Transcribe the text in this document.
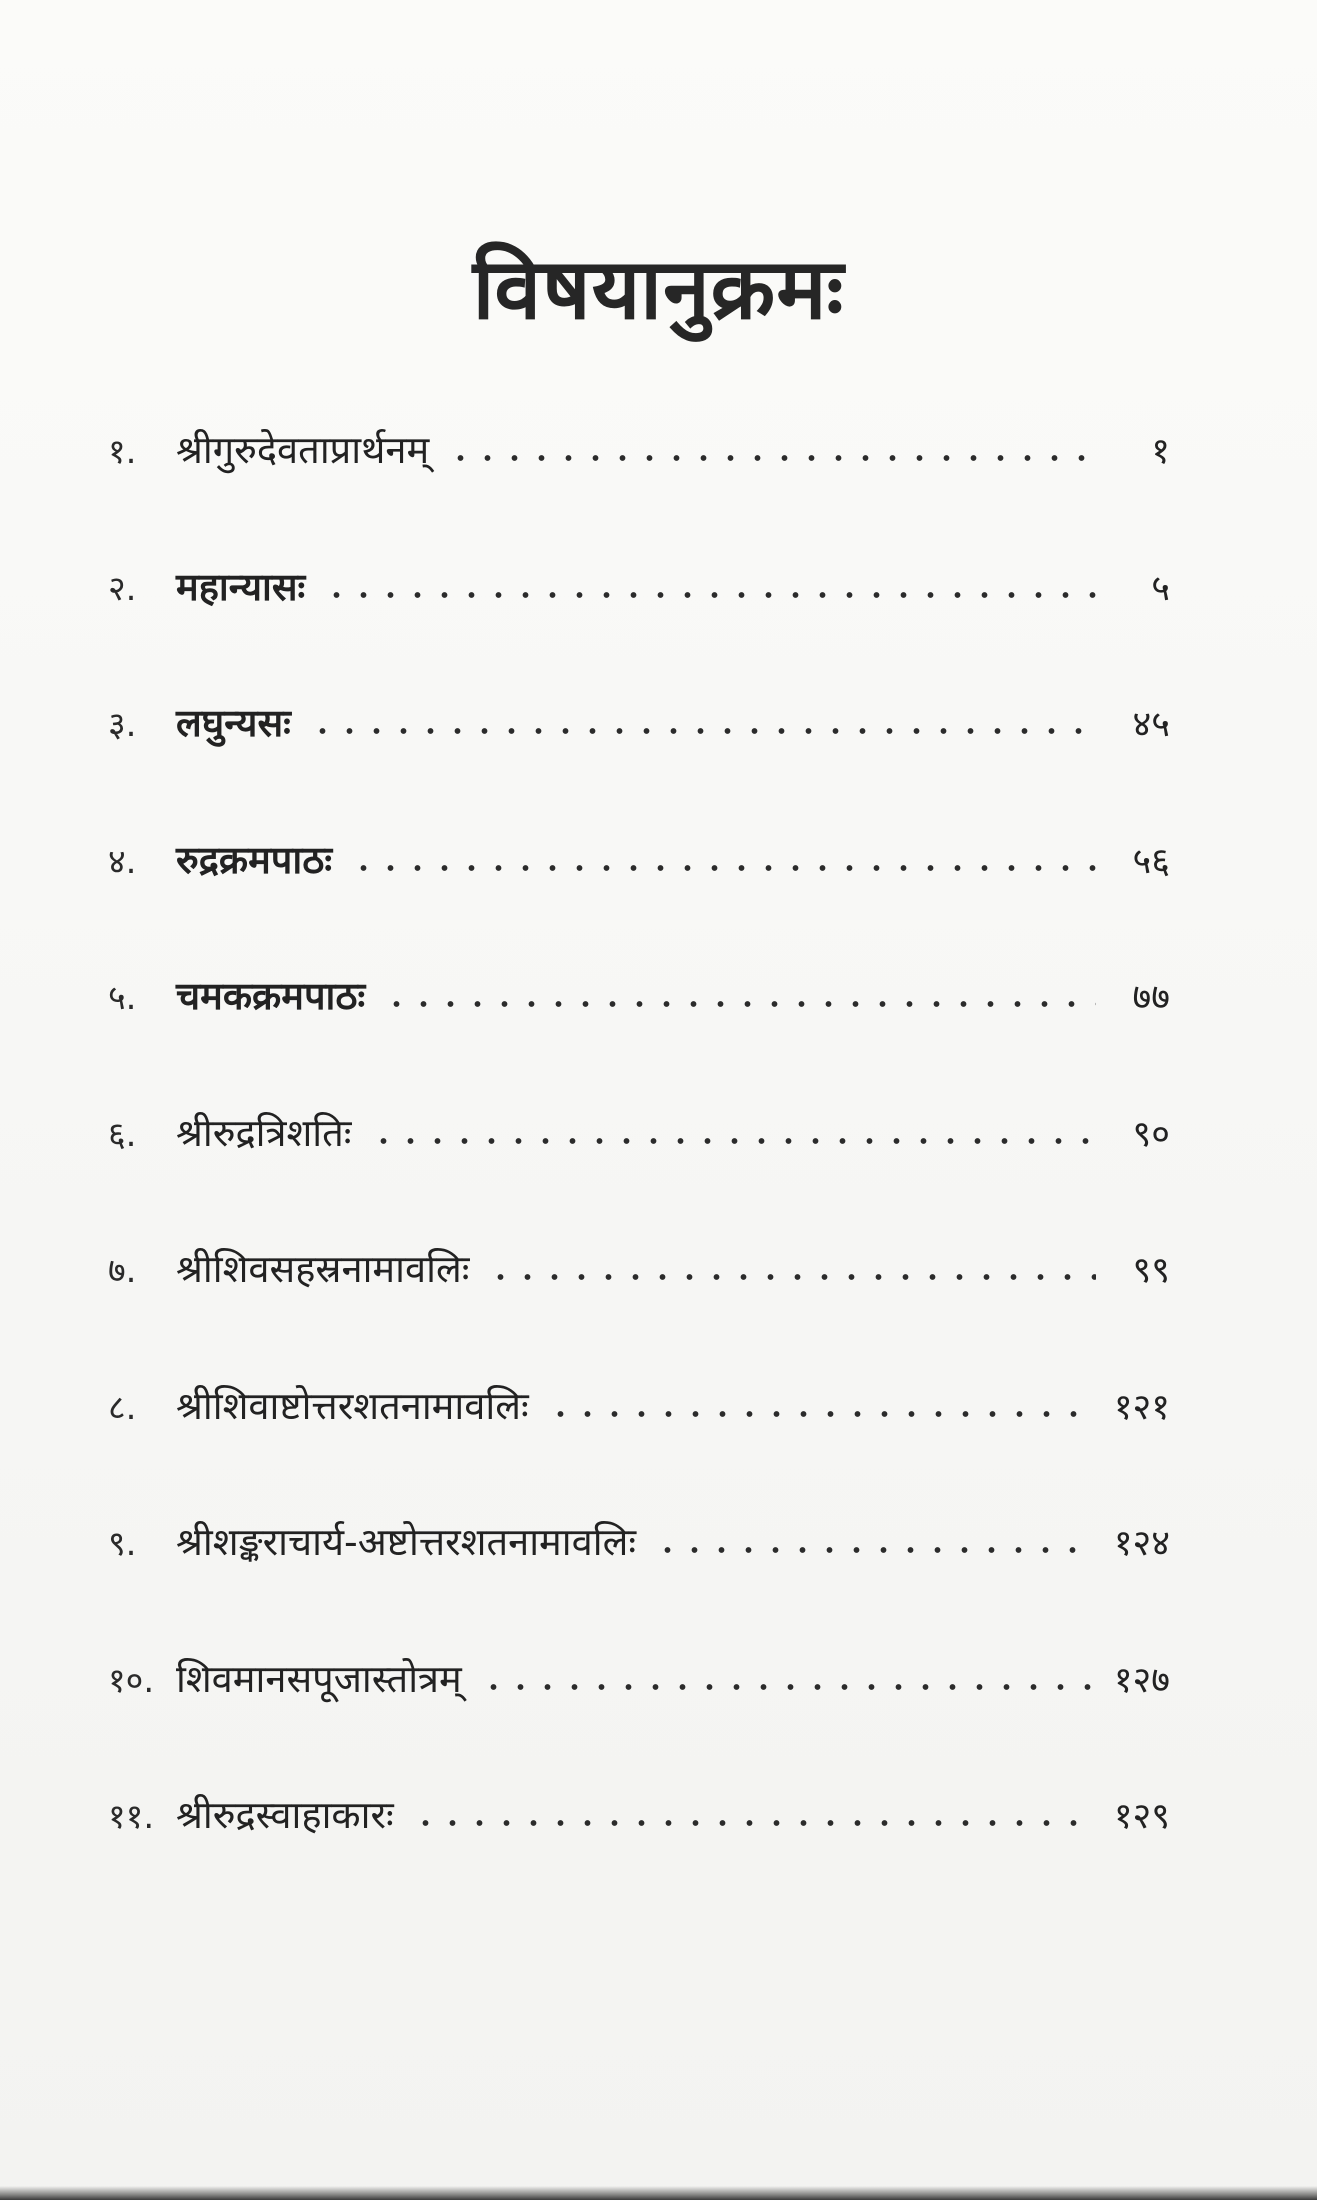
विषयानुक्रमः
१.	श्रीगुरुदेवताप्रार्थनम्	१
२.	महान्यासः	५
३.	लघुन्यसः	४५
४.	रुद्रक्रमपाठः	५६
५.	चमकक्रमपाठः	७७
६.	श्रीरुद्रत्रिशतिः	९०
७.	श्रीशिवसहस्रनामावलिः	९९
८.	श्रीशिवाष्टोत्तरशतनामावलिः	१२१
९.	श्रीशङ्कराचार्य-अष्टोत्तरशतनामावलिः	१२४
१०. शिवमानसपूजास्तोत्रम्	१२७
११. श्रीरुद्रस्वाहाकारः	१२९
